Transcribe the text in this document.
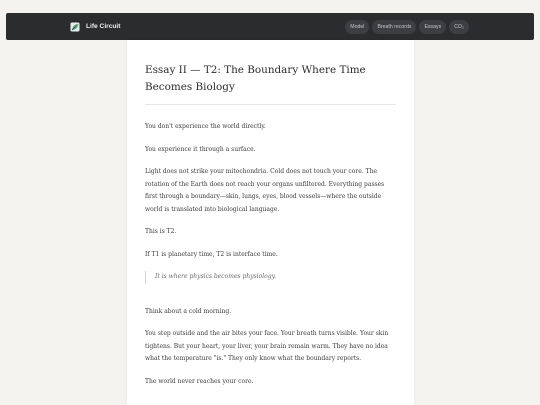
Life Circuit	Model	Breath records	Essays	CO₂
Essay II — T2: The Boundary Where Time Becomes Biology

You don't experience the world directly.

You experience it through a surface.

Light does not strike your mitochondria. Cold does not touch your core. The rotation of the Earth does not reach your organs unfiltered. Everything passes first through a boundary—skin, lungs, eyes, blood vessels—where the outside world is translated into biological language.

This is T2.

If T1 is planetary time, T2 is interface time.

It is where physics becomes physiology.

Think about a cold morning.

You step outside and the air bites your face. Your breath turns visible. Your skin tightens. But your heart, your liver, your brain remain warm. They have no idea what the temperature "is." They only know what the boundary reports.

The world never reaches your core.
